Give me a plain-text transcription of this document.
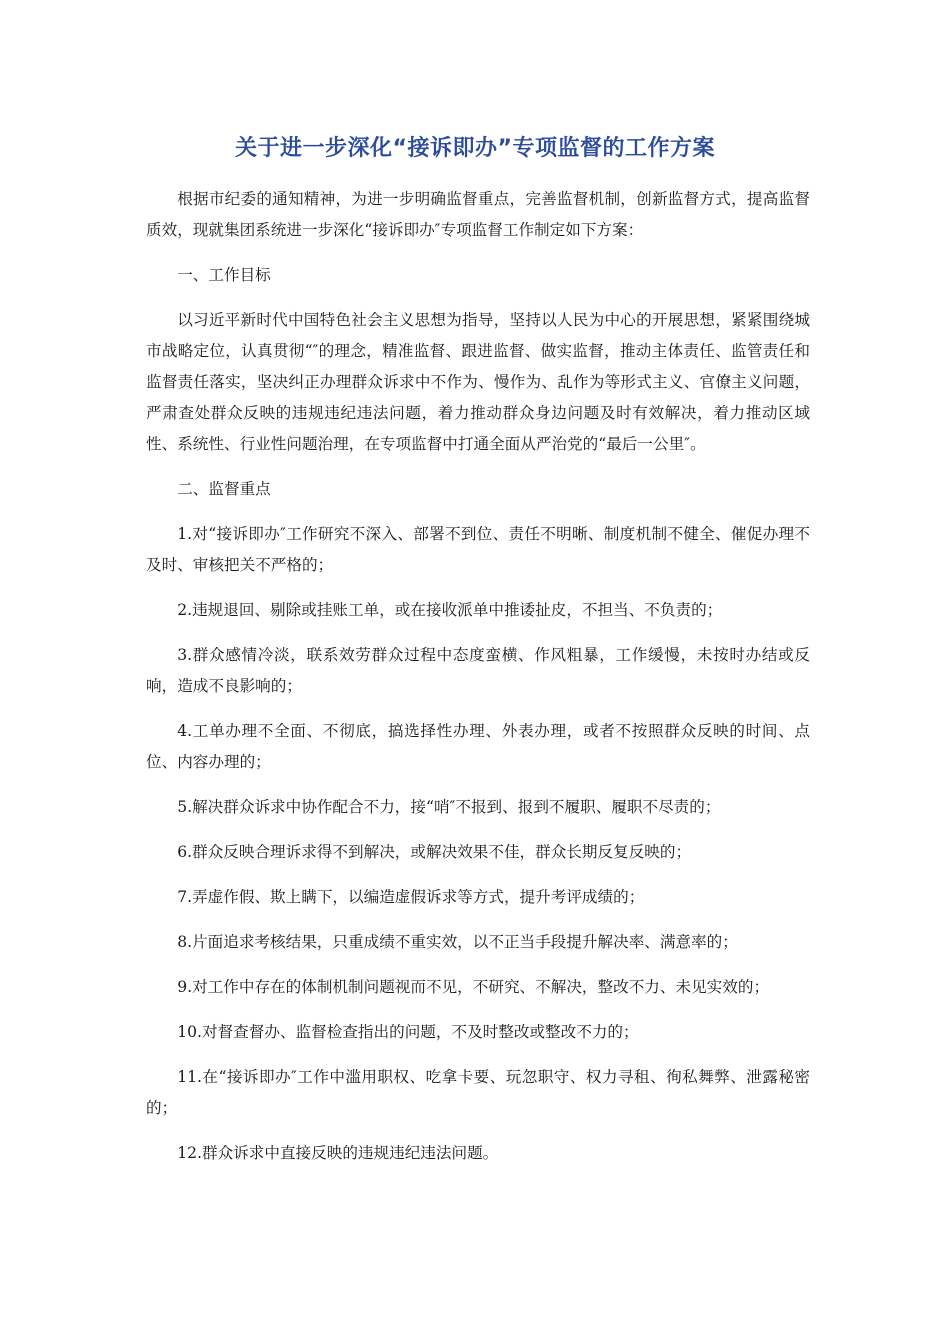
关于进一步深化“接诉即办”专项监督的工作方案

根据市纪委的通知精神，为进一步明确监督重点，完善监督机制，创新监督方式，提高监督质效，现就集团系统进一步深化“接诉即办″专项监督工作制定如下方案：

一、工作目标

以习近平新时代中国特色社会主义思想为指导，坚持以人民为中心的开展思想，紧紧围绕城市战略定位，认真贯彻“″的理念，精准监督、跟进监督、做实监督，推动主体责任、监管责任和监督责任落实，坚决纠正办理群众诉求中不作为、慢作为、乱作为等形式主义、官僚主义问题，严肃查处群众反映的违规违纪违法问题，着力推动群众身边问题及时有效解决，着力推动区域性、系统性、行业性问题治理，在专项监督中打通全面从严治党的“最后一公里″。

二、监督重点

1.对“接诉即办″工作研究不深入、部署不到位、责任不明晰、制度机制不健全、催促办理不及时、审核把关不严格的；

2.违规退回、剔除或挂账工单，或在接收派单中推诿扯皮，不担当、不负责的；

3.群众感情冷淡，联系效劳群众过程中态度蛮横、作风粗暴，工作缓慢，未按时办结或反响，造成不良影响的；

4.工单办理不全面、不彻底，搞选择性办理、外表办理，或者不按照群众反映的时间、点位、内容办理的；

5.解决群众诉求中协作配合不力，接“哨″不报到、报到不履职、履职不尽责的；

6.群众反映合理诉求得不到解决，或解决效果不佳，群众长期反复反映的；

7.弄虚作假、欺上瞒下，以编造虚假诉求等方式，提升考评成绩的；

8.片面追求考核结果，只重成绩不重实效，以不正当手段提升解决率、满意率的；

9.对工作中存在的体制机制问题视而不见，不研究、不解决，整改不力、未见实效的；

10.对督查督办、监督检查指出的问题，不及时整改或整改不力的；

11.在“接诉即办″工作中滥用职权、吃拿卡要、玩忽职守、权力寻租、徇私舞弊、泄露秘密的；

12.群众诉求中直接反映的违规违纪违法问题。
